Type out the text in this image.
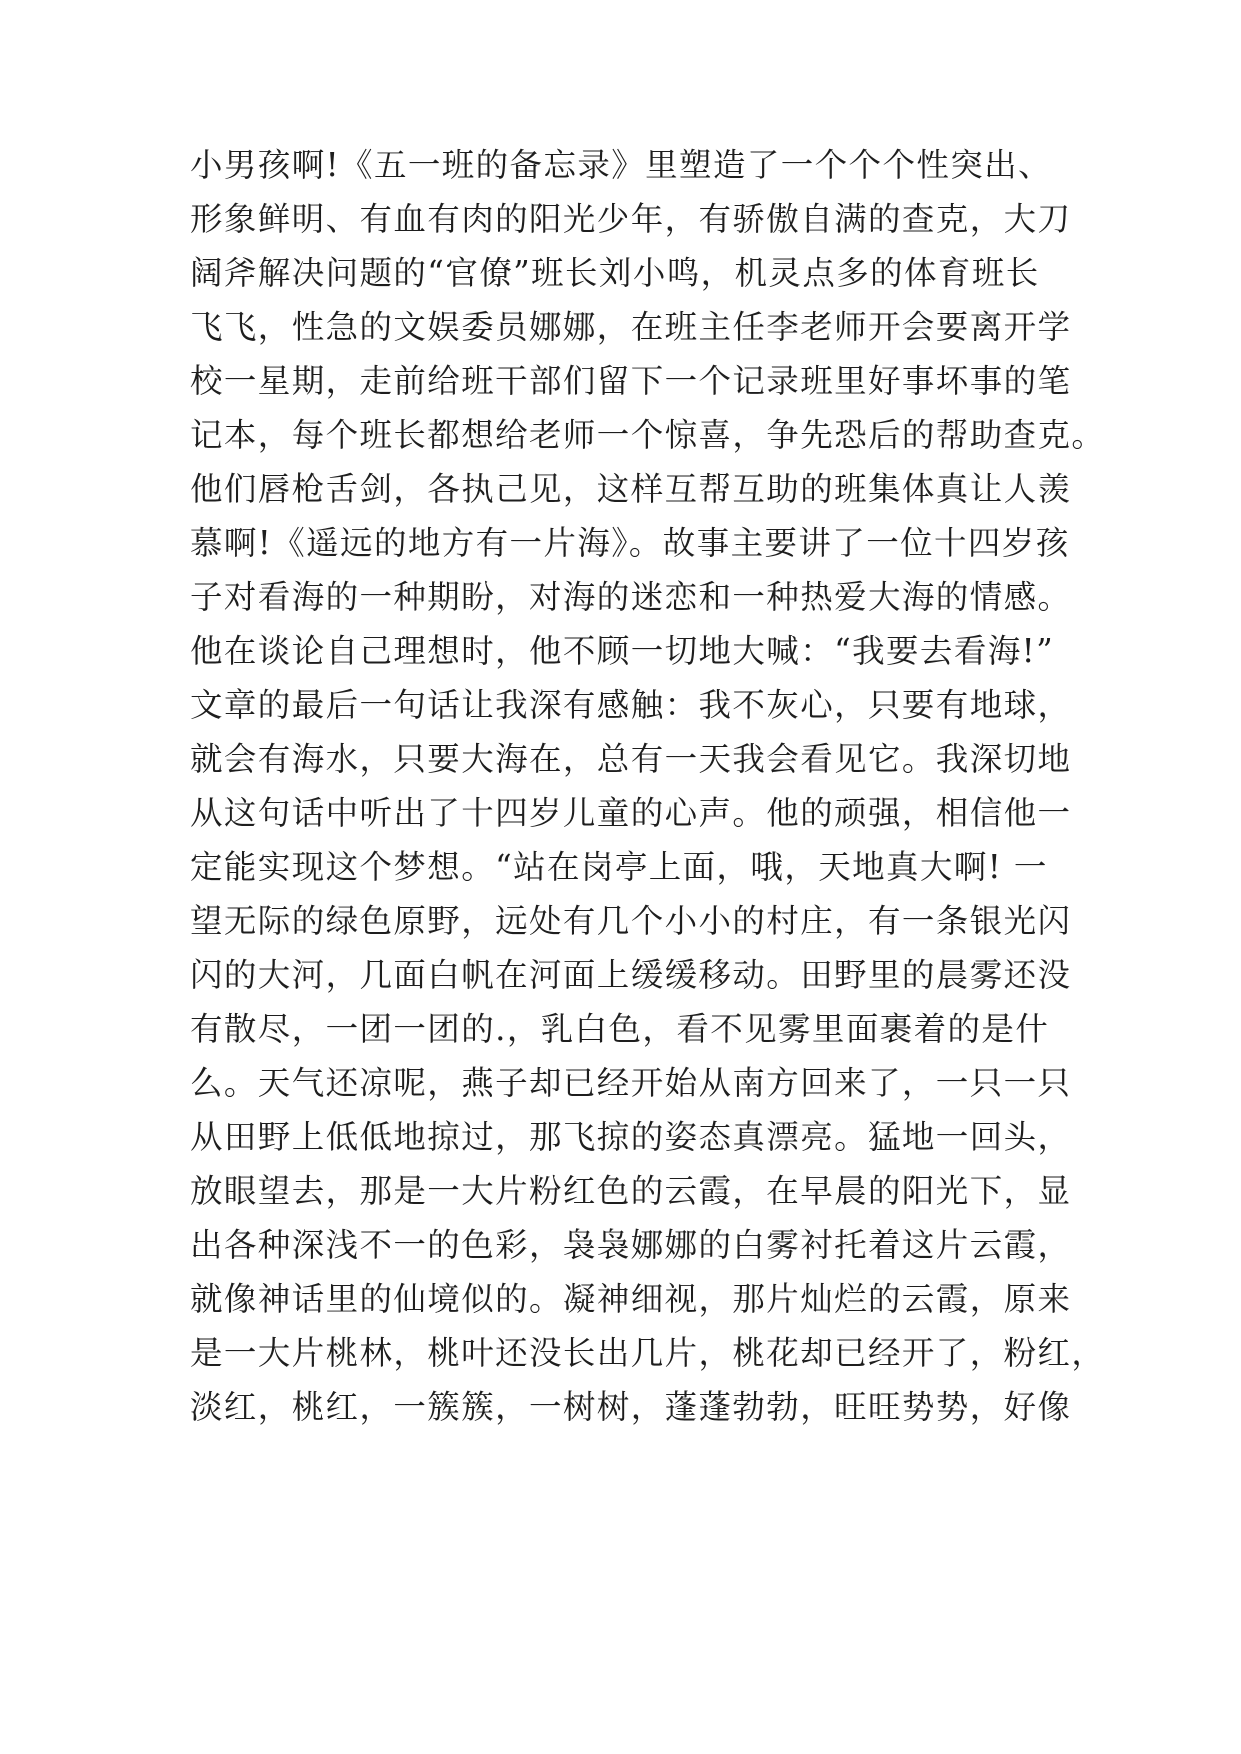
小男孩啊!《五一班的备忘录》里塑造了一个个个性突出、
形象鲜明、有血有肉的阳光少年，有骄傲自满的查克，大刀
阔斧解决问题的“官僚”班长刘小鸣，机灵点多的体育班长
飞飞，性急的文娱委员娜娜，在班主任李老师开会要离开学
校一星期，走前给班干部们留下一个记录班里好事坏事的笔
记本，每个班长都想给老师一个惊喜，争先恐后的帮助查克。
他们唇枪舌剑，各执己见，这样互帮互助的班集体真让人羡
慕啊!《遥远的地方有一片海》。故事主要讲了一位十四岁孩
子对看海的一种期盼，对海的迷恋和一种热爱大海的情感。
他在谈论自己理想时，他不顾一切地大喊：“我要去看海!”
文章的最后一句话让我深有感触：我不灰心，只要有地球，
就会有海水，只要大海在，总有一天我会看见它。我深切地
从这句话中听出了十四岁儿童的心声。他的顽强，相信他一
定能实现这个梦想。“站在岗亭上面，哦，天地真大啊! 一
望无际的绿色原野，远处有几个小小的村庄，有一条银光闪
闪的大河，几面白帆在河面上缓缓移动。田野里的晨雾还没
有散尽，一团一团的.，乳白色，看不见雾里面裹着的是什
么。天气还凉呢，燕子却已经开始从南方回来了，一只一只
从田野上低低地掠过，那飞掠的姿态真漂亮。猛地一回头，
放眼望去，那是一大片粉红色的云霞，在早晨的阳光下，显
出各种深浅不一的色彩，袅袅娜娜的白雾衬托着这片云霞，
就像神话里的仙境似的。凝神细视，那片灿烂的云霞，原来
是一大片桃林，桃叶还没长出几片，桃花却已经开了，粉红，
淡红，桃红，一簇簇，一树树，蓬蓬勃勃，旺旺势势，好像
